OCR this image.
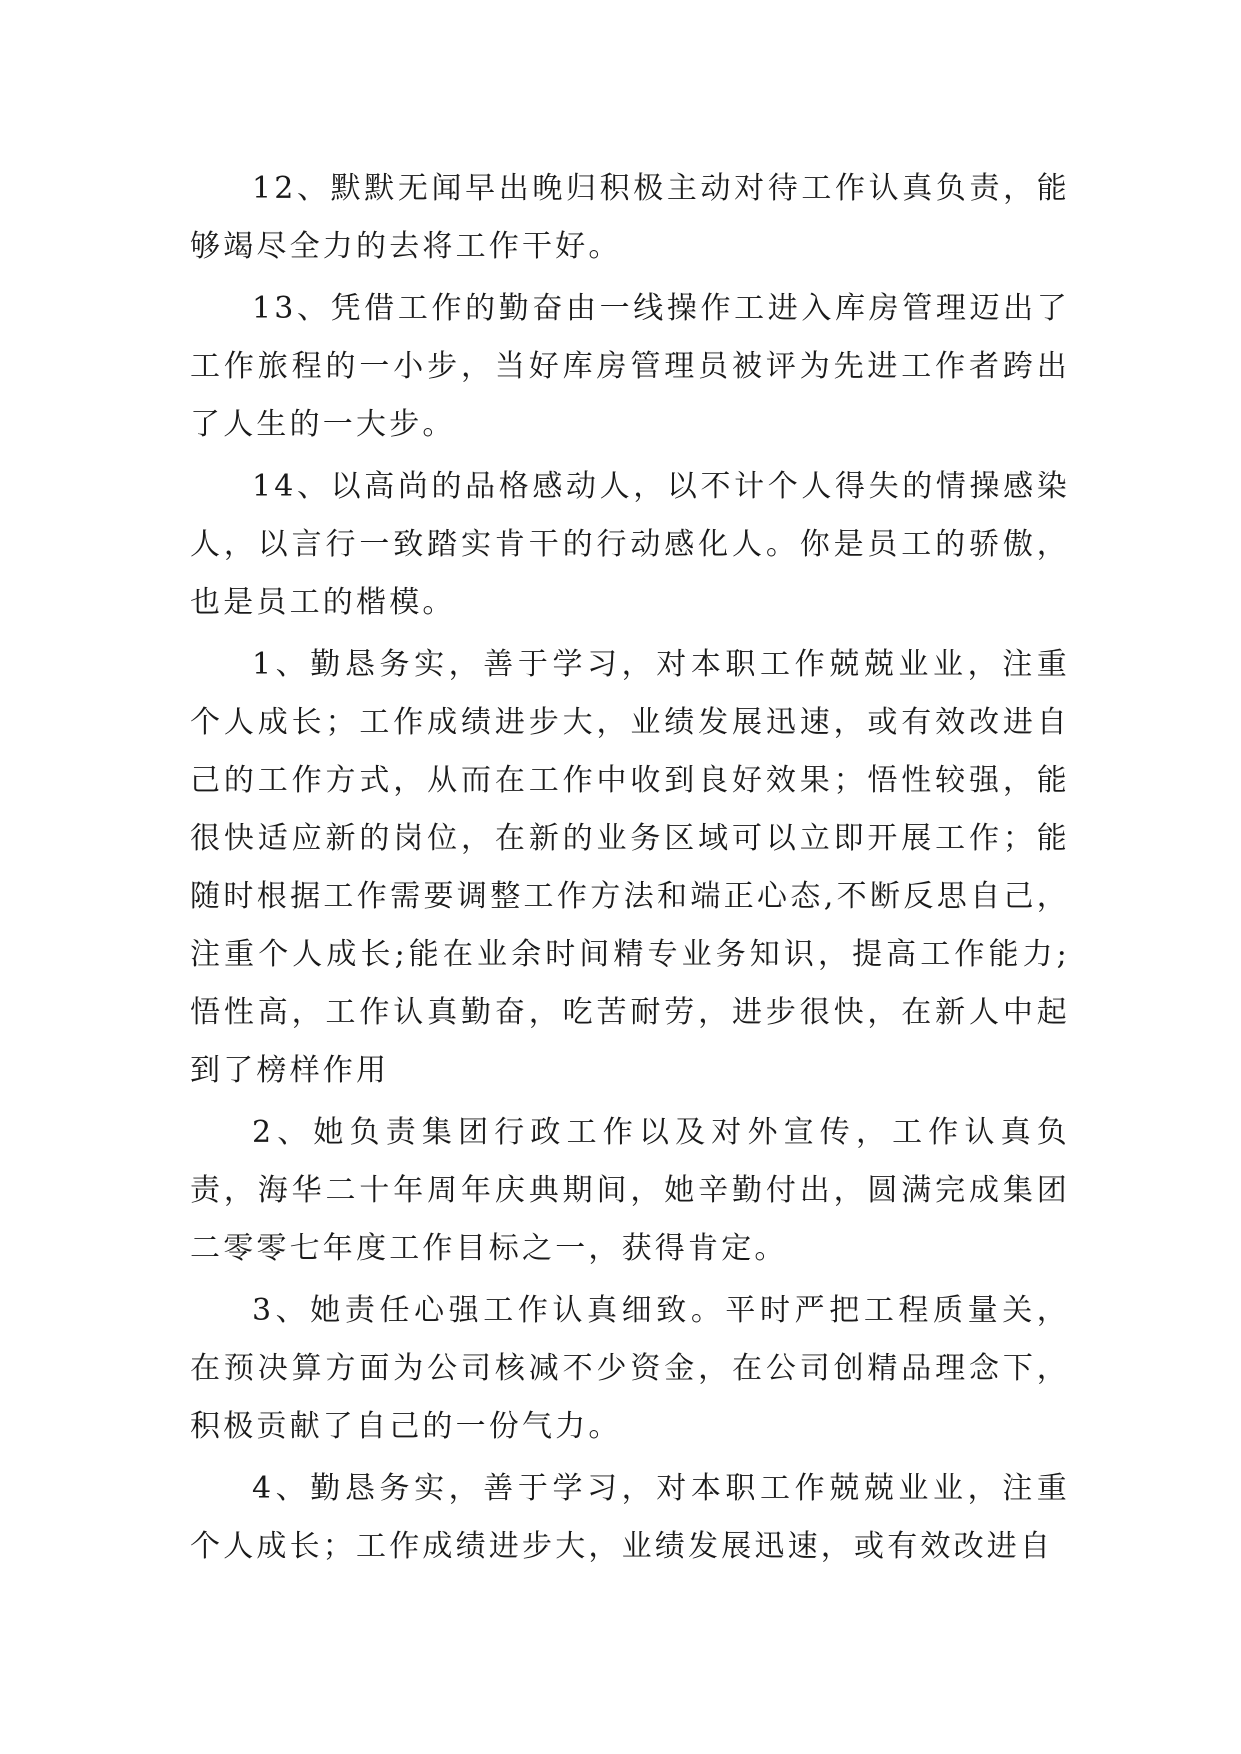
12、默默无闻早出晚归积极主动对待工作认真负责，能够竭尽全力的去将工作干好。

13、凭借工作的勤奋由一线操作工进入库房管理迈出了工作旅程的一小步，当好库房管理员被评为先进工作者跨出了人生的一大步。

14、以高尚的品格感动人，以不计个人得失的情操感染人，以言行一致踏实肯干的行动感化人。你是员工的骄傲，也是员工的楷模。

1、勤恳务实，善于学习，对本职工作兢兢业业，注重个人成长；工作成绩进步大，业绩发展迅速，或有效改进自己的工作方式，从而在工作中收到良好效果；悟性较强，能很快适应新的岗位，在新的业务区域可以立即开展工作；能随时根据工作需要调整工作方法和端正心态,不断反思自己，注重个人成长;能在业余时间精专业务知识，提高工作能力;悟性高，工作认真勤奋，吃苦耐劳，进步很快，在新人中起到了榜样作用

2、她负责集团行政工作以及对外宣传，工作认真负责，海华二十年周年庆典期间，她辛勤付出，圆满完成集团二零零七年度工作目标之一，获得肯定。

3、她责任心强工作认真细致。平时严把工程质量关，在预决算方面为公司核减不少资金，在公司创精品理念下，积极贡献了自己的一份气力。

4、勤恳务实，善于学习，对本职工作兢兢业业，注重个人成长；工作成绩进步大，业绩发展迅速，或有效改进自
